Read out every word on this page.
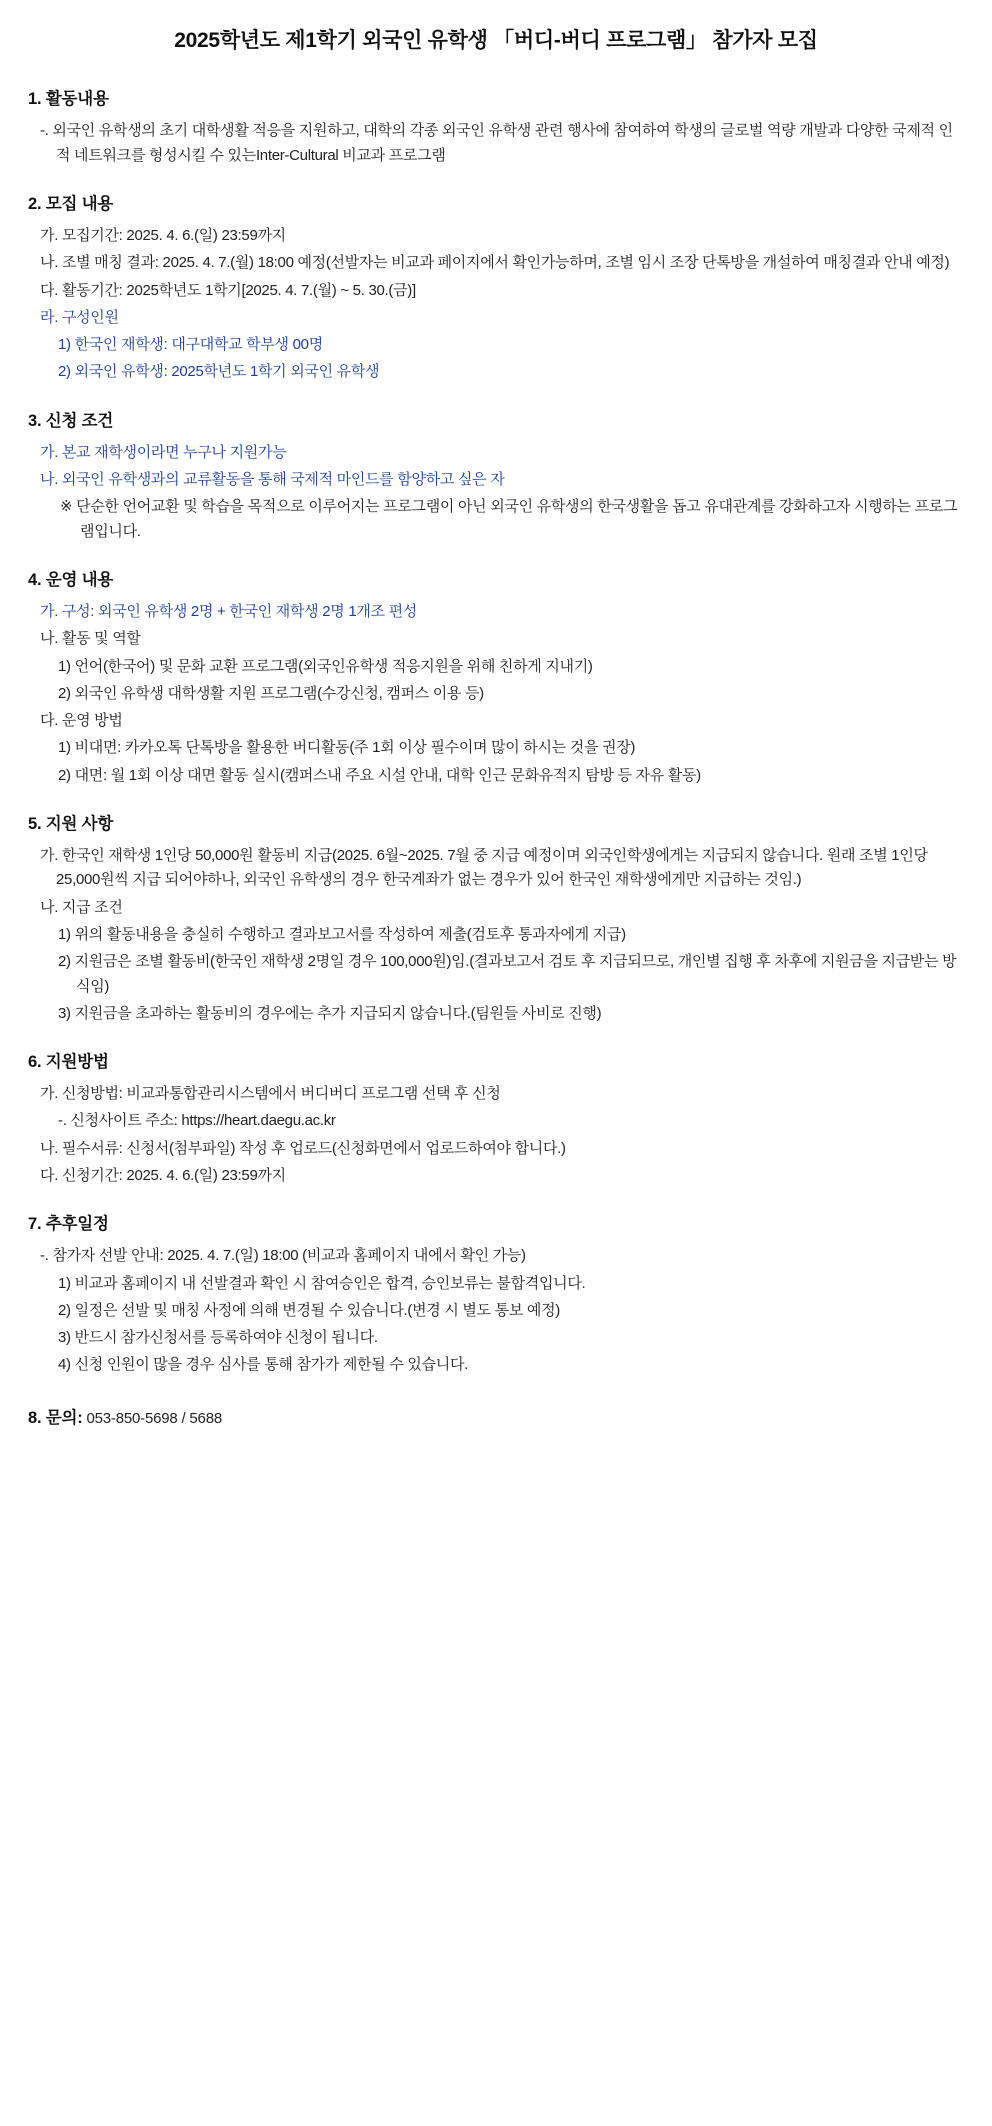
2025학년도 제1학기 외국인 유학생 「버디-버디 프로그램」 참가자 모집
1. 활동내용

-. 외국인 유학생의 초기 대학생활 적응을 지원하고, 대학의 각종 외국인 유학생 관련 행사에 참여하여 학생의 글로벌 역량 개발과 다양한 국제적 인적 네트워크를 형성시킬 수 있는Inter-Cultural 비교과 프로그램

2. 모집 내용

가. 모집기간: 2025. 4. 6.(일) 23:59까지

나. 조별 매칭 결과: 2025. 4. 7.(월) 18:00 예정(선발자는 비교과 페이지에서 확인가능하며, 조별 임시 조장 단톡방을 개설하여 매칭결과 안내 예정)

다. 활동기간: 2025학년도 1학기[2025. 4. 7.(월) ~ 5. 30.(금)]

라. 구성인원

1) 한국인 재학생: 대구대학교 학부생 00명

2) 외국인 유학생: 2025학년도 1학기 외국인 유학생

3. 신청 조건

가. 본교 재학생이라면 누구나 지원가능

나. 외국인 유학생과의 교류활동을 통해 국제적 마인드를 함양하고 싶은 자

※ 단순한 언어교환 및 학습을 목적으로 이루어지는 프로그램이 아닌 외국인 유학생의 한국생활을 돕고 유대관계를 강화하고자 시행하는 프로그램입니다.

4. 운영 내용

가. 구성: 외국인 유학생 2명 + 한국인 재학생 2명 1개조 편성

나. 활동 및 역할

1) 언어(한국어) 및 문화 교환 프로그램(외국인유학생 적응지원을 위해 친하게 지내기)

2) 외국인 유학생 대학생활 지원 프로그램(수강신청, 캠퍼스 이용 등)

다. 운영 방법

1) 비대면: 카카오톡 단톡방을 활용한 버디활동(주 1회 이상 필수이며 많이 하시는 것을 권장)

2) 대면: 월 1회 이상 대면 활동 실시(캠퍼스내 주요 시설 안내, 대학 인근 문화유적지 탐방 등 자유 활동)

5. 지원 사항

가. 한국인 재학생 1인당 50,000원 활동비 지급(2025. 6월~2025. 7월 중 지급 예정이며 외국인학생에게는 지급되지 않습니다. 원래 조별 1인당 25,000원씩 지급 되어야하나, 외국인 유학생의 경우 한국계좌가 없는 경우가 있어 한국인 재학생에게만 지급하는 것임.)

나. 지급 조건

1) 위의 활동내용을 충실히 수행하고 결과보고서를 작성하여 제출(검토후 통과자에게 지급)

2) 지원금은 조별 활동비(한국인 재학생 2명일 경우 100,000원)임.(결과보고서 검토 후 지급되므로, 개인별 집행 후 차후에 지원금을 지급받는 방식임)

3) 지원금을 초과하는 활동비의 경우에는 추가 지급되지 않습니다.(팀원들 사비로 진행)

6. 지원방법

가. 신청방법: 비교과통합관리시스템에서 버디버디 프로그램 선택 후 신청

-. 신청사이트 주소: https://heart.daegu.ac.kr

나. 필수서류: 신청서(첨부파일) 작성 후 업로드(신청화면에서 업로드하여야 합니다.)

다. 신청기간: 2025. 4. 6.(일) 23:59까지

7. 추후일정

-. 참가자 선발 안내: 2025. 4. 7.(일) 18:00 (비교과 홈페이지 내에서 확인 가능)

1) 비교과 홈페이지 내 선발결과 확인 시 참여승인은 합격, 승인보류는 불합격입니다.

2) 일정은 선발 및 매칭 사정에 의해 변경될 수 있습니다.(변경 시 별도 통보 예정)

3) 반드시 참가신청서를 등록하여야 신청이 됩니다.

4) 신청 인원이 많을 경우 심사를 통해 참가가 제한될 수 있습니다.

8. 문의: 053-850-5698 / 5688
